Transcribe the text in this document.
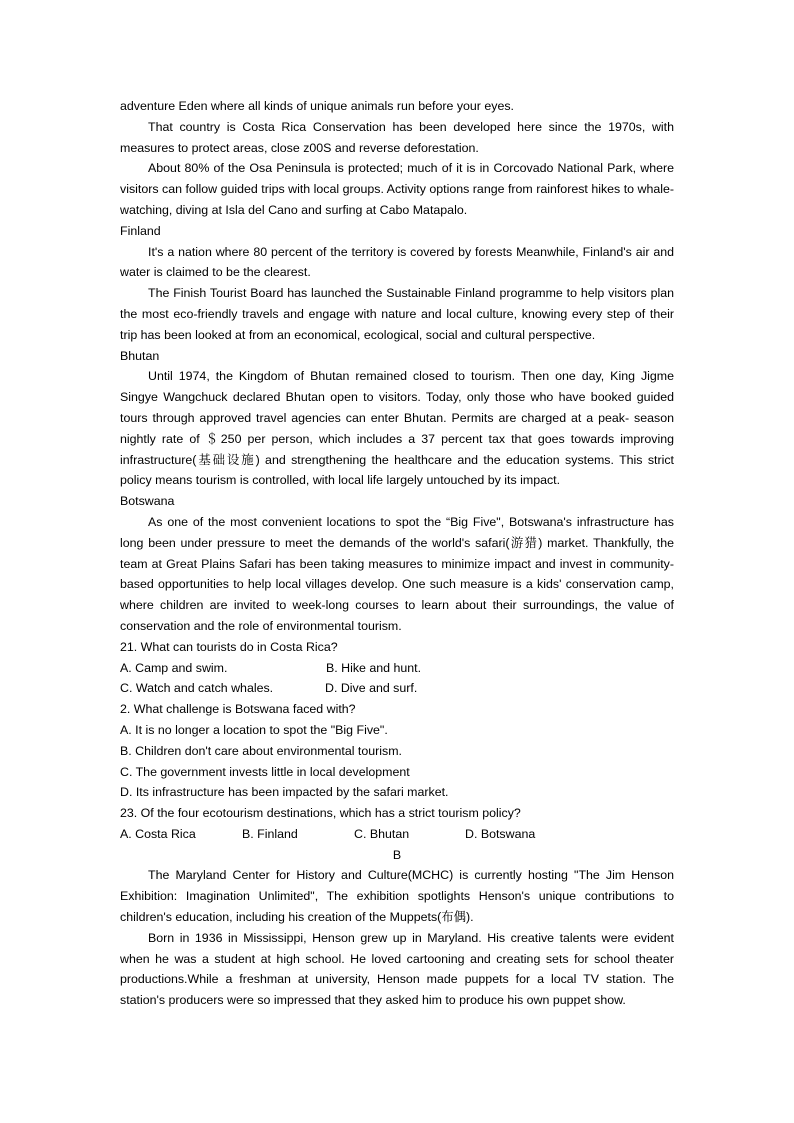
adventure Eden where all kinds of unique animals run before your eyes.
That country is Costa Rica Conservation has been developed here since the 1970s, with measures to protect areas, close z00S and reverse deforestation.
About 80% of the Osa Peninsula is protected; much of it is in Corcovado National Park, where visitors can follow guided trips with local groups. Activity options range from rainforest hikes to whale-watching, diving at Isla del Cano and surfing at Cabo Matapalo.
Finland
It's a nation where 80 percent of the territory is covered by forests Meanwhile, Finland's air and water is claimed to be the clearest.
The Finish Tourist Board has launched the Sustainable Finland programme to help visitors plan the most eco-friendly travels and engage with nature and local culture, knowing every step of their trip has been looked at from an economical, ecological, social and cultural perspective.
Bhutan
Until 1974, the Kingdom of Bhutan remained closed to tourism. Then one day, King Jigme Singye Wangchuck declared Bhutan open to visitors. Today, only those who have booked guided tours through approved travel agencies can enter Bhutan. Permits are charged at a peak- season nightly rate of ＄250 per person, which includes a 37 percent tax that goes towards improving infrastructure(基础设施) and strengthening the healthcare and the education systems. This strict policy means tourism is controlled, with local life largely untouched by its impact.
Botswana
As one of the most convenient locations to spot the “Big Five", Botswana's infrastructure has long been under pressure to meet the demands of the world's safari(游猎) market. Thankfully, the team at Great Plains Safari has been taking measures to minimize impact and invest in community-based opportunities to help local villages develop. One such measure is a kids' conservation camp, where children are invited to week-long courses to learn about their surroundings, the value of conservation and the role of environmental tourism.
21. What can tourists do in Costa Rica?
A. Camp and swim.	B. Hike and hunt.
C. Watch and catch whales.	D. Dive and surf.
2. What challenge is Botswana faced with?
A. It is no longer a location to spot the "Big Five".
B. Children don't care about environmental tourism.
C. The government invests little in local development
D. Its infrastructure has been impacted by the safari market.
23. Of the four ecotourism destinations, which has a strict tourism policy?
A. Costa Rica	B. Finland	C. Bhutan	D. Botswana
B
The Maryland Center for History and Culture(MCHC) is currently hosting "The Jim Henson Exhibition: Imagination Unlimited", The exhibition spotlights Henson's unique contributions to children's education, including his creation of the Muppets(布偶).
Born in 1936 in Mississippi, Henson grew up in Maryland. His creative talents were evident when he was a student at high school. He loved cartooning and creating sets for school theater productions.While a freshman at university, Henson made puppets for a local TV station. The station's producers were so impressed that they asked him to produce his own puppet show.
